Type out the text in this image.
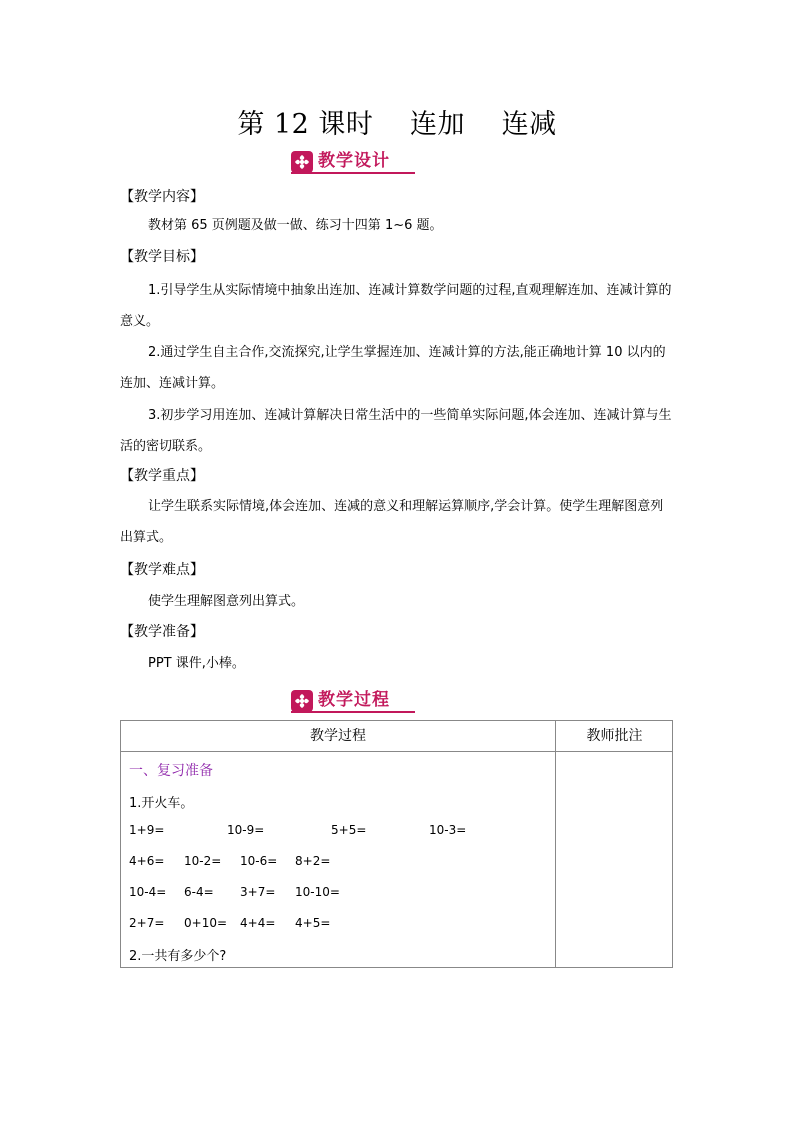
第 12 课时　 连加　 连减
教学设计
【教学内容】
教材第 65 页例题及做一做、练习十四第 1~6 题。
【教学目标】
1.引导学生从实际情境中抽象出连加、连减计算数学问题的过程,直观理解连加、连减计算的意义。
2.通过学生自主合作,交流探究,让学生掌握连加、连减计算的方法,能正确地计算 10 以内的连加、连减计算。
3.初步学习用连加、连减计算解决日常生活中的一些简单实际问题,体会连加、连减计算与生活的密切联系。
【教学重点】
让学生联系实际情境,体会连加、连减的意义和理解运算顺序,学会计算。使学生理解图意列出算式。
【教学难点】
使学生理解图意列出算式。
【教学准备】
PPT 课件,小棒。
教学过程
教学过程	教师批注
一、复习准备
1.开火车。
1+9=	10-9=	5+5=	10-3=
4+6= 10-2= 10-6= 8+2=
10-4= 6-4= 3+7= 10-10=
2+7= 0+10= 4+4= 4+5=
2.一共有多少个?
